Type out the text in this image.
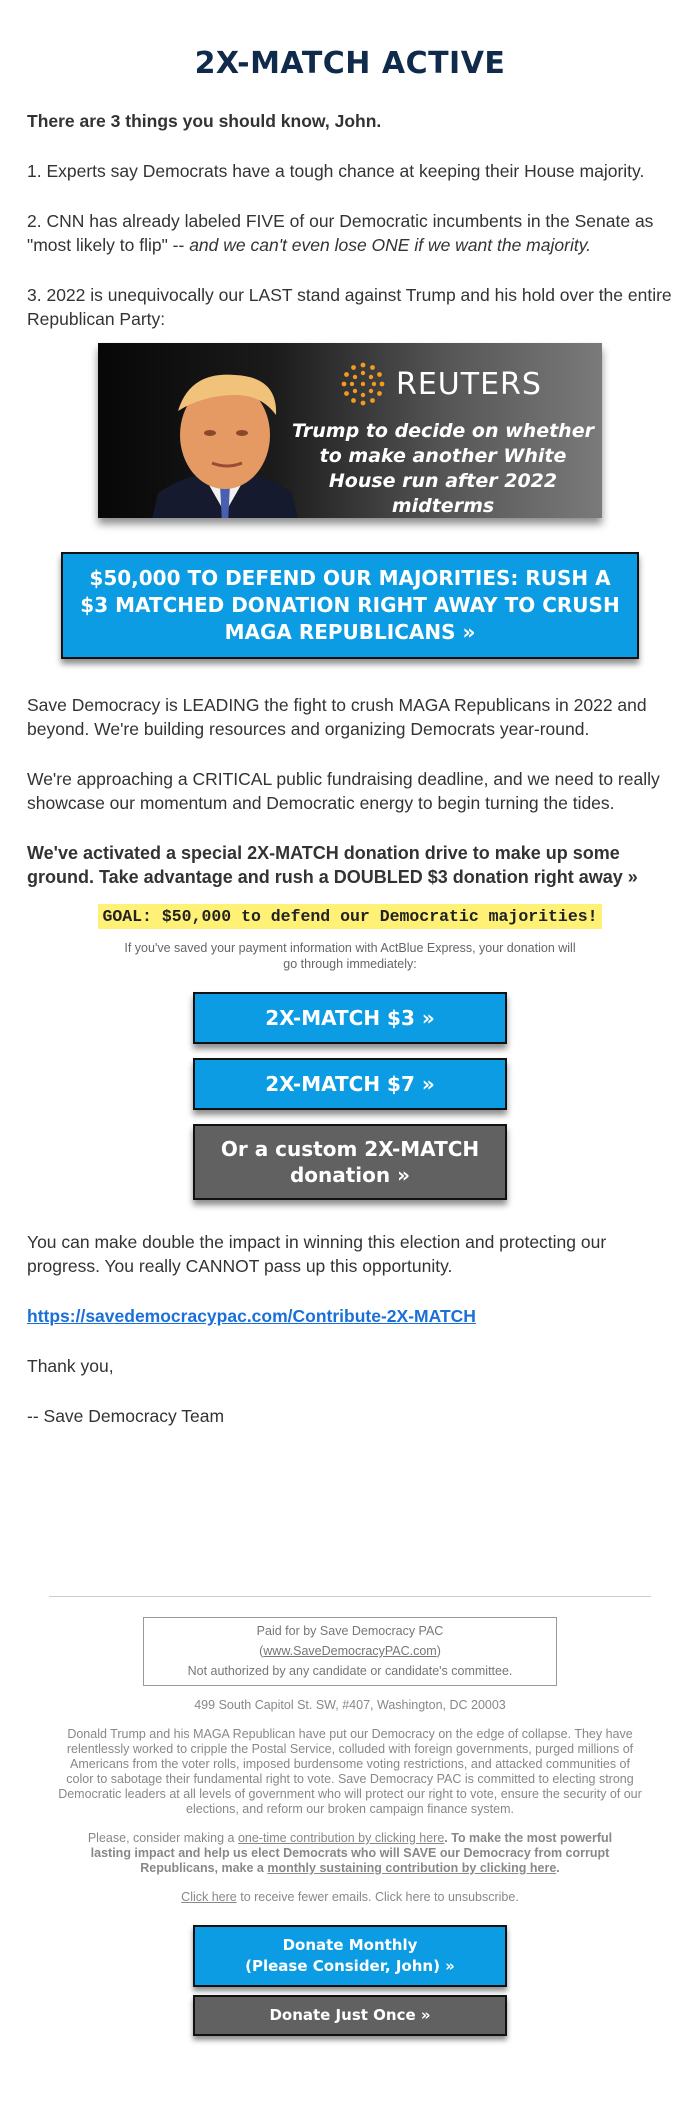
2X-MATCH ACTIVE

There are 3 things you should know, John.

1. Experts say Democrats have a tough chance at keeping their House majority.

2. CNN has already labeled FIVE of our Democratic incumbents in the Senate as "most likely to flip" -- and we can't even lose ONE if we want the majority.

3. 2022 is unequivocally our LAST stand against Trump and his hold over the entire Republican Party:

REUTERS
Trump to decide on whether to make another White House run after 2022 midterms
$50,000 TO DEFEND OUR MAJORITIES: RUSH A $3 MATCHED DONATION RIGHT AWAY TO CRUSH MAGA REPUBLICANS »

Save Democracy is LEADING the fight to crush MAGA Republicans in 2022 and beyond. We're building resources and organizing Democrats year-round.

We're approaching a CRITICAL public fundraising deadline, and we need to really showcase our momentum and Democratic energy to begin turning the tides.

We've activated a special 2X-MATCH donation drive to make up some ground. Take advantage and rush a DOUBLED $3 donation right away »

GOAL: $50,000 to defend our Democratic majorities!
If you've saved your payment information with ActBlue Express, your donation will go through immediately:
2X-MATCH $3 »
2X-MATCH $7 »
Or a custom 2X-MATCH donation »

You can make double the impact in winning this election and protecting our progress. You really CANNOT pass up this opportunity.

https://savedemocracypac.com/Contribute-2X-MATCH

Thank you,

-- Save Democracy Team

Paid for by Save Democracy PAC
(www.SaveDemocracyPAC.com)
Not authorized by any candidate or candidate's committee.
499 South Capitol St. SW, #407, Washington, DC 20003
Donald Trump and his MAGA Republican have put our Democracy on the edge of collapse. They have relentlessly worked to cripple the Postal Service, colluded with foreign governments, purged millions of Americans from the voter rolls, imposed burdensome voting restrictions, and attacked communities of color to sabotage their fundamental right to vote. Save Democracy PAC is committed to electing strong Democratic leaders at all levels of government who will protect our right to vote, ensure the security of our elections, and reform our broken campaign finance system.
Please, consider making a one-time contribution by clicking here. To make the most powerful lasting impact and help us elect Democrats who will SAVE our Democracy from corrupt Republicans, make a monthly sustaining contribution by clicking here.
Click here to receive fewer emails. Click here to unsubscribe.
Donate Monthly
(Please Consider, John) »
Donate Just Once »
